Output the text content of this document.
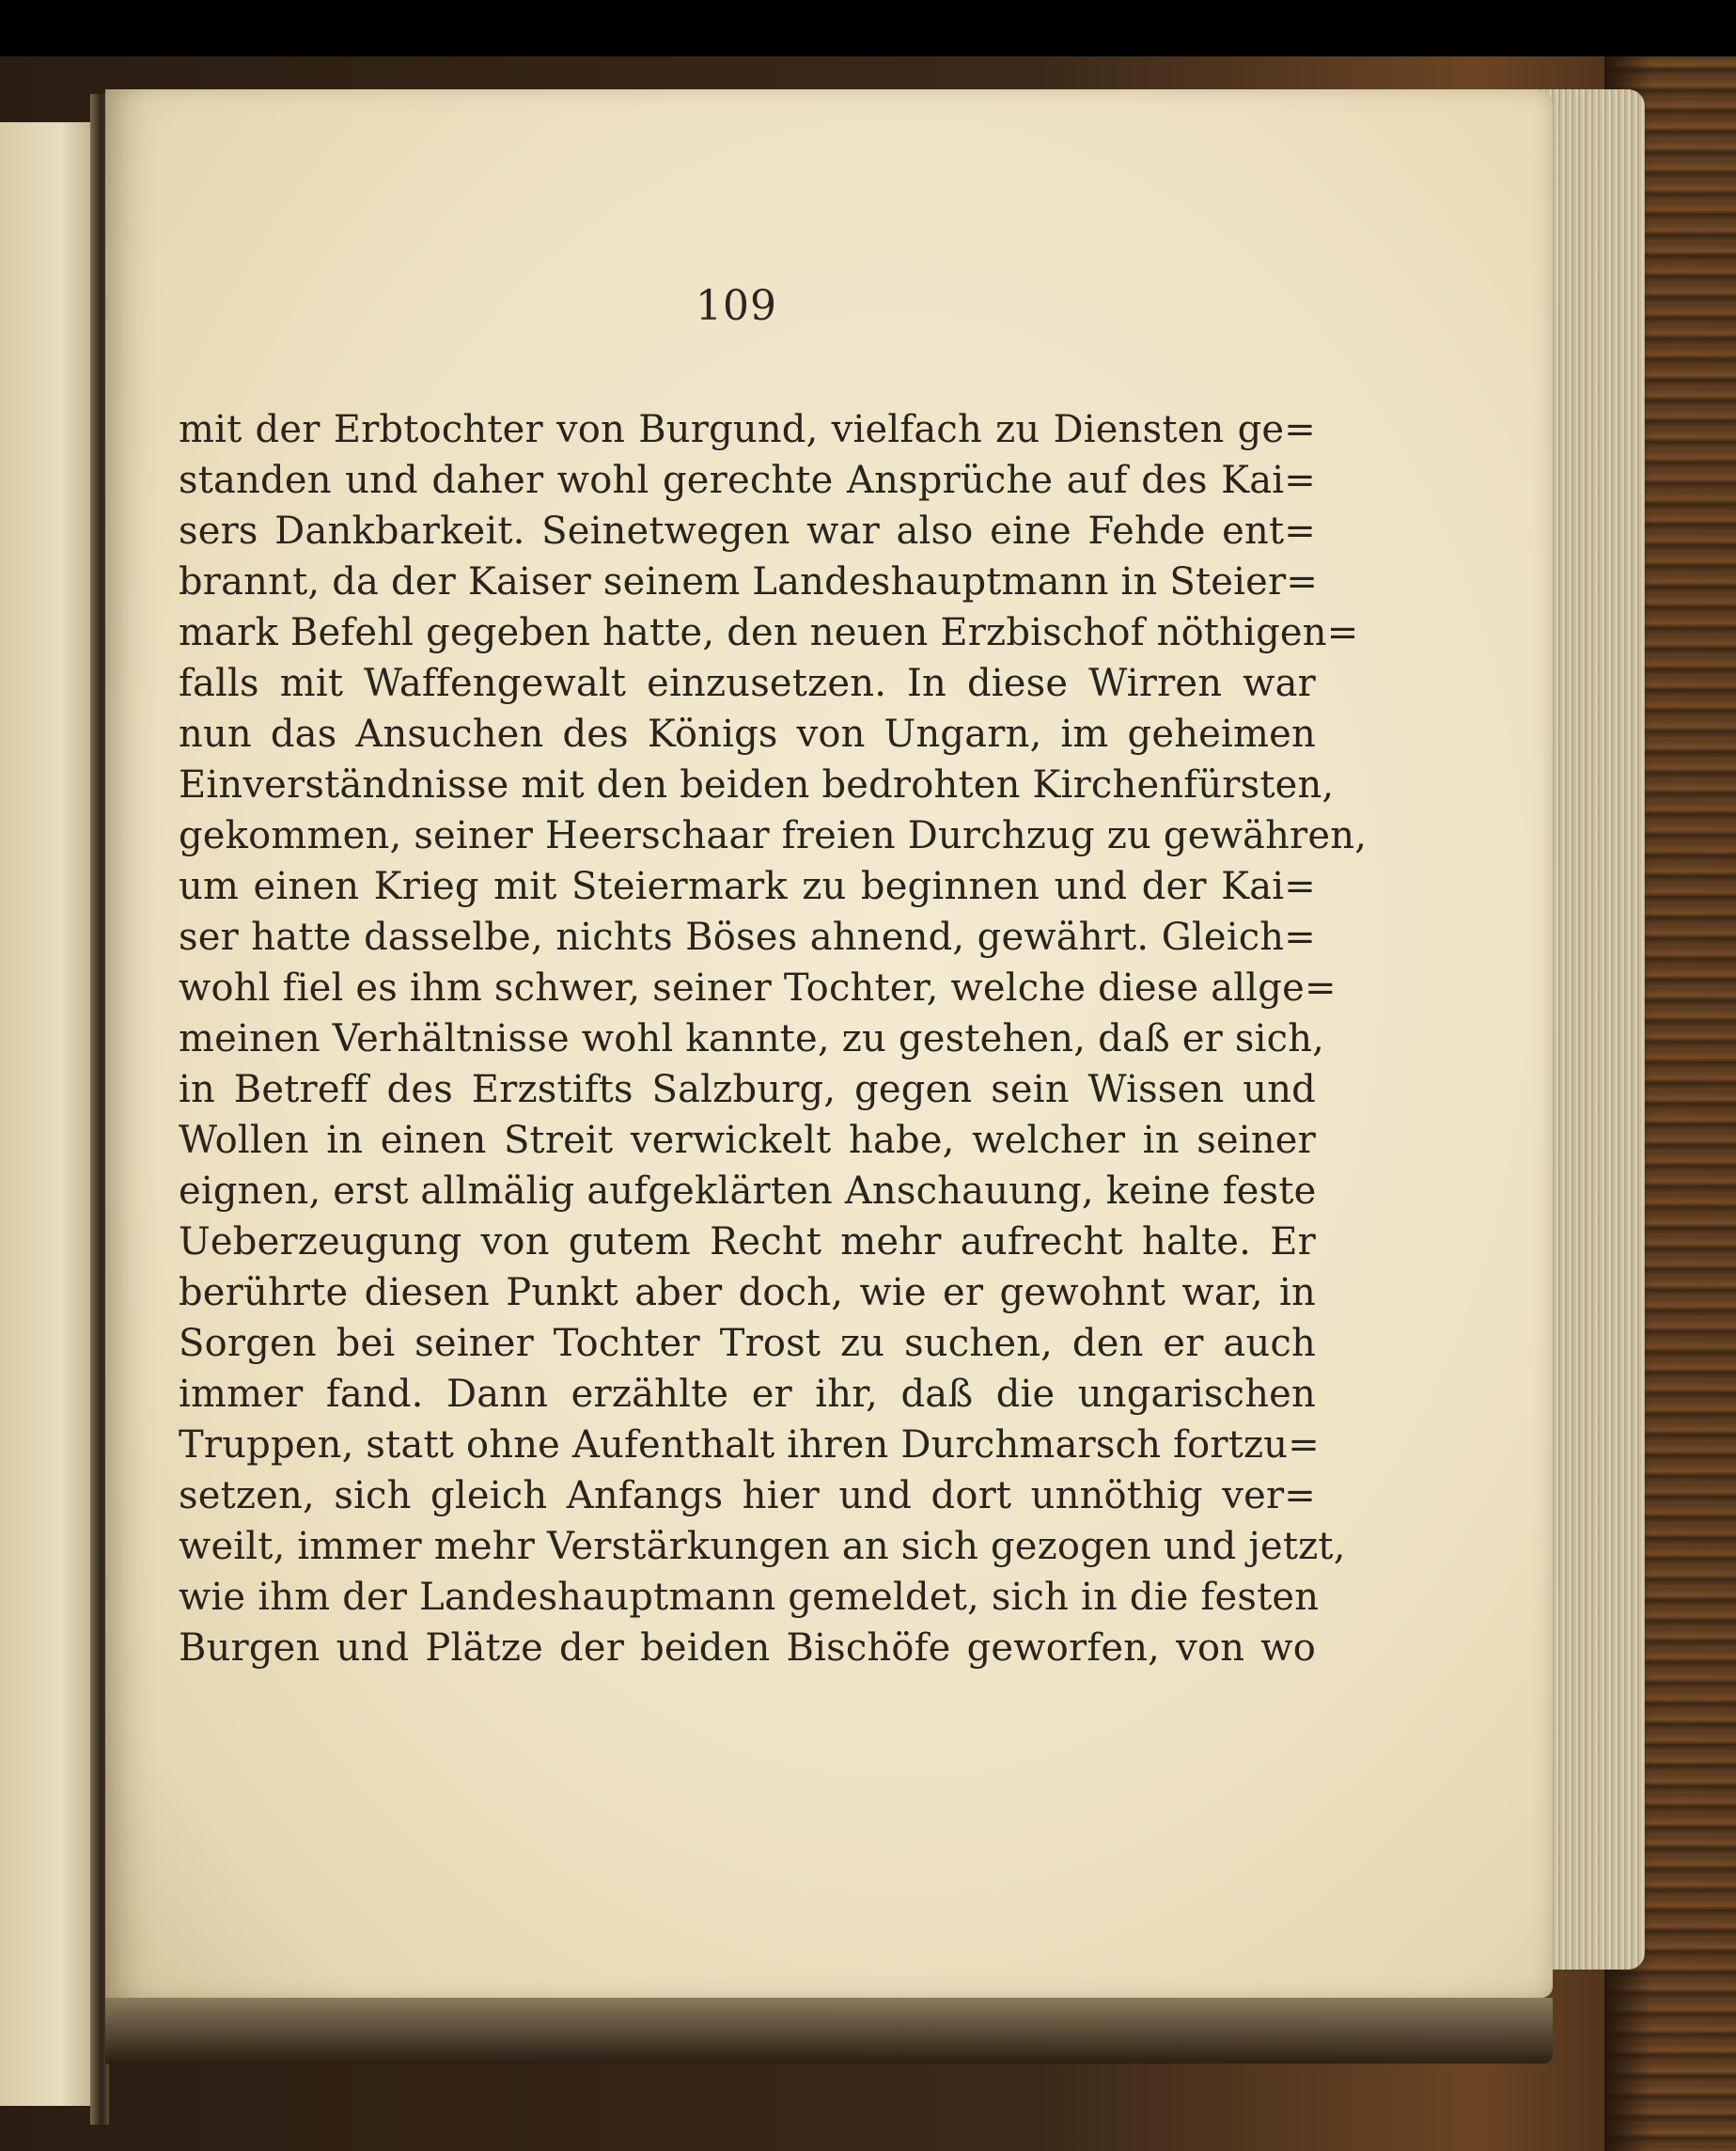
109
mit der Erbtochter von Burgund, vielfach zu Diensten ge=
standen und daher wohl gerechte Ansprüche auf des Kai=
sers Dankbarkeit. Seinetwegen war also eine Fehde ent=
brannt, da der Kaiser seinem Landeshauptmann in Steier=
mark Befehl gegeben hatte, den neuen Erzbischof nöthigen=
falls mit Waffengewalt einzusetzen. In diese Wirren war
nun das Ansuchen des Königs von Ungarn, im geheimen
Einverständnisse mit den beiden bedrohten Kirchenfürsten,
gekommen, seiner Heerschaar freien Durchzug zu gewähren,
um einen Krieg mit Steiermark zu beginnen und der Kai=
ser hatte dasselbe, nichts Böses ahnend, gewährt. Gleich=
wohl fiel es ihm schwer, seiner Tochter, welche diese allge=
meinen Verhältnisse wohl kannte, zu gestehen, daß er sich,
in Betreff des Erzstifts Salzburg, gegen sein Wissen und
Wollen in einen Streit verwickelt habe, welcher in seiner
eignen, erst allmälig aufgeklärten Anschauung, keine feste
Ueberzeugung von gutem Recht mehr aufrecht halte. Er
berührte diesen Punkt aber doch, wie er gewohnt war, in
Sorgen bei seiner Tochter Trost zu suchen, den er auch
immer fand. Dann erzählte er ihr, daß die ungarischen
Truppen, statt ohne Aufenthalt ihren Durchmarsch fortzu=
setzen, sich gleich Anfangs hier und dort unnöthig ver=
weilt, immer mehr Verstärkungen an sich gezogen und jetzt,
wie ihm der Landeshauptmann gemeldet, sich in die festen
Burgen und Plätze der beiden Bischöfe geworfen, von wo
